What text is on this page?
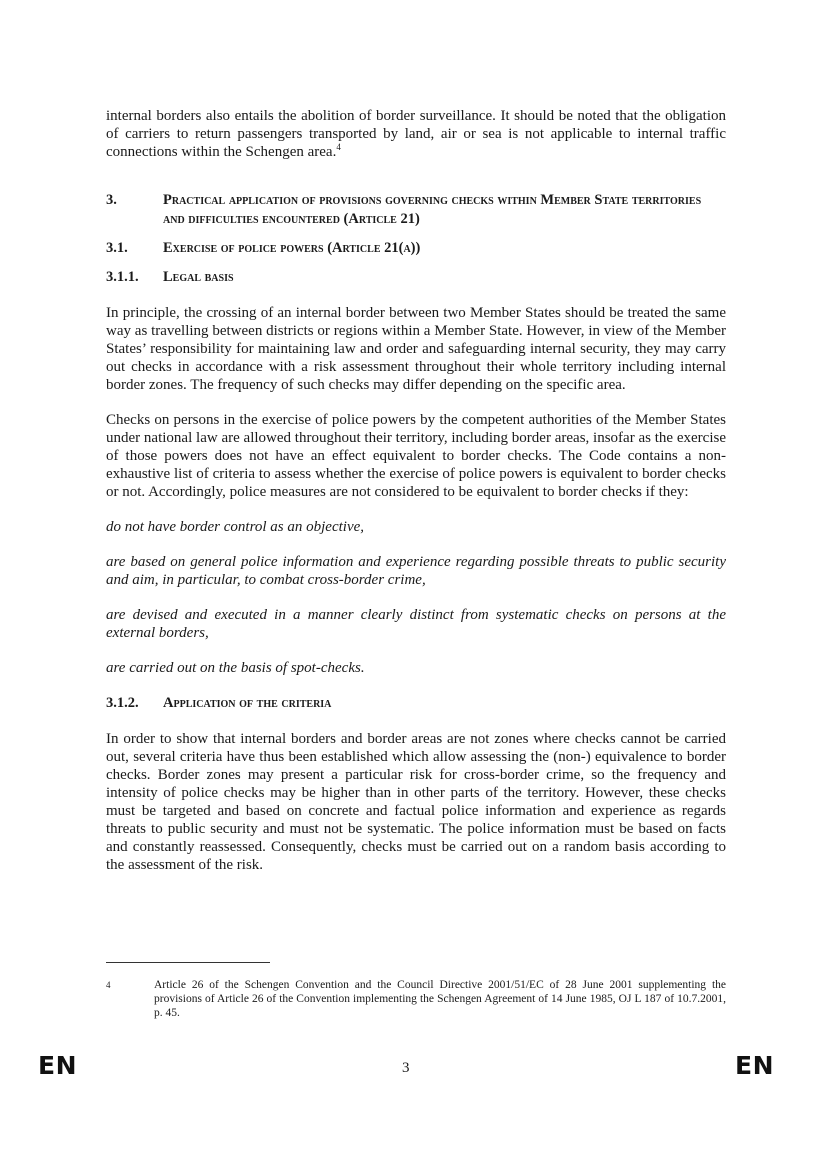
internal borders also entails the abolition of border surveillance. It should be noted that the obligation of carriers to return passengers transported by land, air or sea is not applicable to internal traffic connections within the Schengen area.$^4$

3.	Practical application of provisions governing checks within Member State territories and difficulties encountered (Article 21)
3.1.	Exercise of police powers (Article 21(a))
3.1.1.	Legal basis

In principle, the crossing of an internal border between two Member States should be treated the same way as travelling between districts or regions within a Member State. However, in view of the Member States’ responsibility for maintaining law and order and safeguarding internal security, they may carry out checks in accordance with a risk assessment throughout their whole territory including internal border zones. The frequency of such checks may differ depending on the specific area.

Checks on persons in the exercise of police powers by the competent authorities of the Member States under national law are allowed throughout their territory, including border areas, insofar as the exercise of those powers does not have an effect equivalent to border checks. The Code contains a non-exhaustive list of criteria to assess whether the exercise of police powers is equivalent to border checks or not. Accordingly, police measures are not considered to be equivalent to border checks if they:

do not have border control as an objective,

are based on general police information and experience regarding possible threats to public security and aim, in particular, to combat cross-border crime,

are devised and executed in a manner clearly distinct from systematic checks on persons at the external borders,

are carried out on the basis of spot-checks.

3.1.2.	Application of the criteria

In order to show that internal borders and border areas are not zones where checks cannot be carried out, several criteria have thus been established which allow assessing the (non-) equivalence to border checks. Border zones may present a particular risk for cross-border crime, so the frequency and intensity of police checks may be higher than in other parts of the territory. However, these checks must be targeted and based on concrete and factual police information and experience as regards threats to public security and must not be systematic. The police information must be based on facts and constantly reassessed. Consequently, checks must be carried out on a random basis according to the assessment of the risk.

4	Article 26 of the Schengen Convention and the Council Directive 2001/51/EC of 28 June 2001 supplementing the provisions of Article 26 of the Convention implementing the Schengen Agreement of 14 June 1985, OJ L 187 of 10.7.2001, p. 45.
EN	3	EN
